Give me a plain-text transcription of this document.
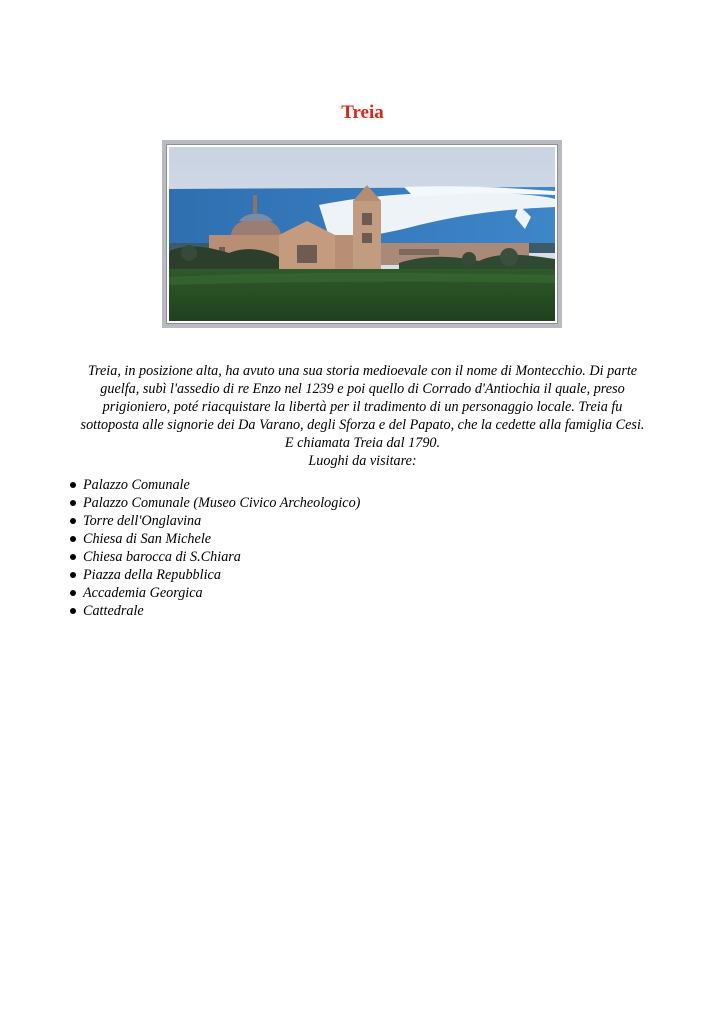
Treia
Treia, in posizione alta, ha avuto una sua storia medioevale con il nome di Montecchio. Di parte
guelfa, subì l'assedio di re Enzo nel 1239 e poi quello di Corrado d'Antiochia il quale, preso
prigioniero, poté riacquistare la libertà per il tradimento di un personaggio locale. Treia fu
sottoposta alle signorie dei Da Varano, degli Sforza e del Papato, che la cedette alla famiglia Cesi.
E chiamata Treia dal 1790.
Luoghi da visitare:
Palazzo Comunale
Palazzo Comunale (Museo Civico Archeologico)
Torre dell'Onglavina
Chiesa di San Michele
Chiesa barocca di S.Chiara
Piazza della Repubblica
Accademia Georgica
Cattedrale
